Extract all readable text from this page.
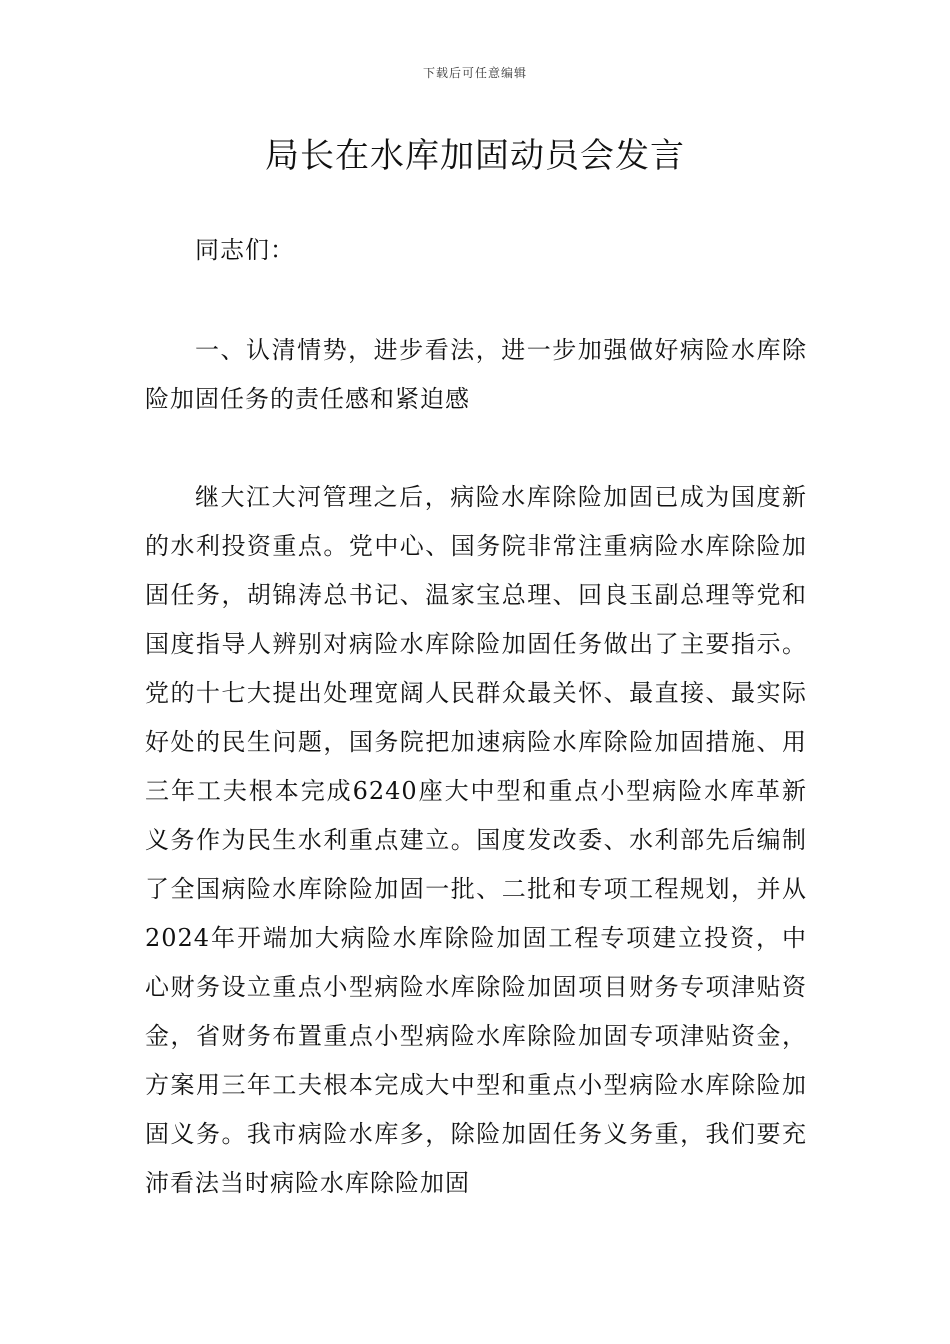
下载后可任意编辑
局长在水库加固动员会发言

同志们：

一、认清情势，进步看法，进一步加强做好病险水库除险加固任务的责任感和紧迫感

继大江大河管理之后，病险水库除险加固已成为国度新的水利投资重点。党中心、国务院非常注重病险水库除险加固任务，胡锦涛总书记、温家宝总理、回良玉副总理等党和国度指导人辨别对病险水库除险加固任务做出了主要指示。党的十七大提出处理宽阔人民群众最关怀、最直接、最实际好处的民生问题，国务院把加速病险水库除险加固措施、用三年工夫根本完成6240座大中型和重点小型病险水库革新义务作为民生水利重点建立。国度发改委、水利部先后编制了全国病险水库除险加固一批、二批和专项工程规划，并从2024年开端加大病险水库除险加固工程专项建立投资，中心财务设立重点小型病险水库除险加固项目财务专项津贴资金，省财务布置重点小型病险水库除险加固专项津贴资金，方案用三年工夫根本完成大中型和重点小型病险水库除险加固义务。我市病险水库多，除险加固任务义务重，我们要充沛看法当时病险水库除险加固
